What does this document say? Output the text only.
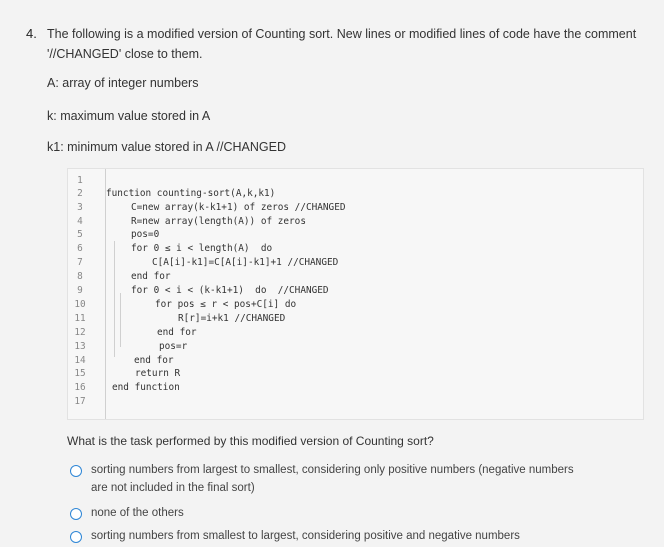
4. The following is a modified version of Counting sort. New lines or modified lines of code have the comment '//CHANGED' close to them.
A: array of integer numbers
k: maximum value stored in A
k1: minimum value stored in A //CHANGED
1
2	function counting-sort(A,k,k1)
3	C=new array(k-k1+1) of zeros //CHANGED
4	R=new array(length(A)) of zeros
5	pos=0
6	for 0 ≤ i < length(A)  do
7	C[A[i]-k1]=C[A[i]-k1]+1 //CHANGED
8	end for
9	for 0 < i < (k-k1+1)  do  //CHANGED
10	for pos ≤ r < pos+C[i] do
11	R[r]=i+k1 //CHANGED
12	end for
13	pos=r
14	end for
15	return R
16	end function
17
What is the task performed by this modified version of Counting sort?
sorting numbers from largest to smallest, considering only positive numbers (negative numbers are not included in the final sort)
none of the others
sorting numbers from smallest to largest, considering positive and negative numbers
